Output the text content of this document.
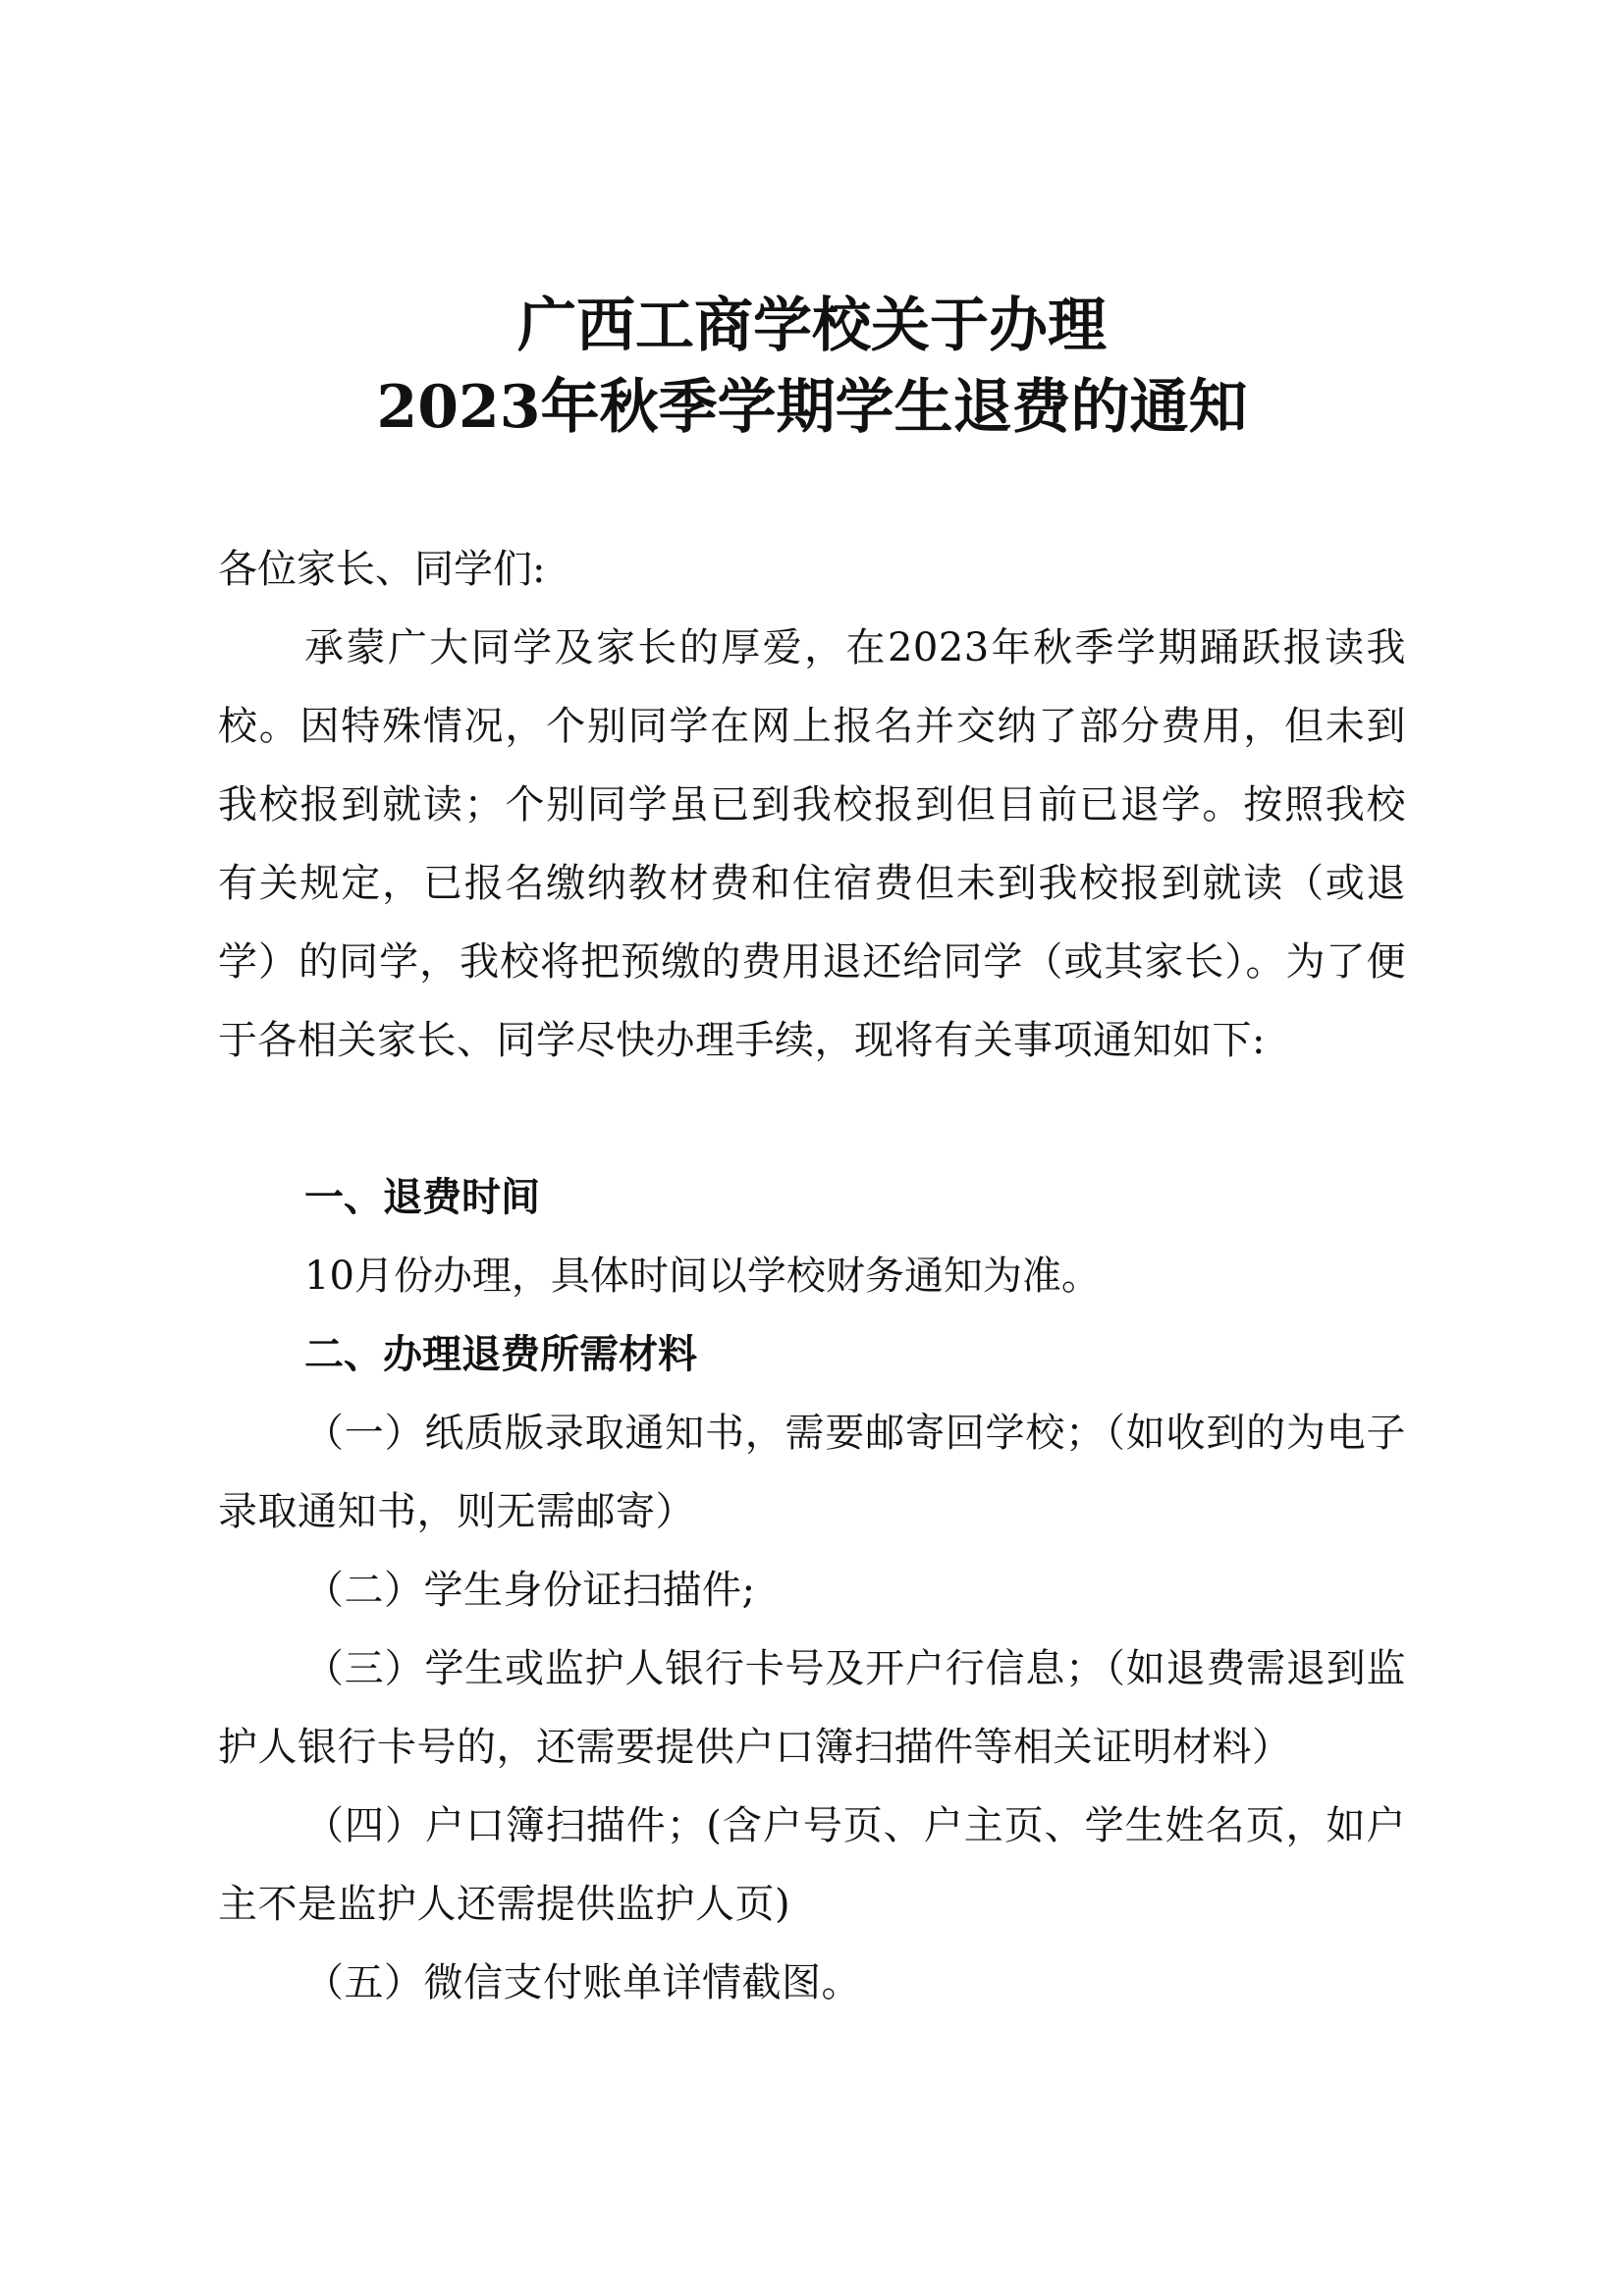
广西工商学校关于办理
2023年秋季学期学生退费的通知
各位家长、同学们:
承蒙广大同学及家长的厚爱，在2023年秋季学期踊跃报读我校。因特殊情况，个别同学在网上报名并交纳了部分费用，但未到我校报到就读；个别同学虽已到我校报到但目前已退学。按照我校有关规定，已报名缴纳教材费和住宿费但未到我校报到就读（或退学）的同学，我校将把预缴的费用退还给同学（或其家长）。为了便于各相关家长、同学尽快办理手续，现将有关事项通知如下:
一、退费时间
10月份办理，具体时间以学校财务通知为准。
二、办理退费所需材料
（一）纸质版录取通知书，需要邮寄回学校；（如收到的为电子录取通知书，则无需邮寄）
（二）学生身份证扫描件;
（三）学生或监护人银行卡号及开户行信息；（如退费需退到监护人银行卡号的，还需要提供户口簿扫描件等相关证明材料）
（四）户口簿扫描件；(含户号页、户主页、学生姓名页，如户主不是监护人还需提供监护人页)
（五）微信支付账单详情截图。
